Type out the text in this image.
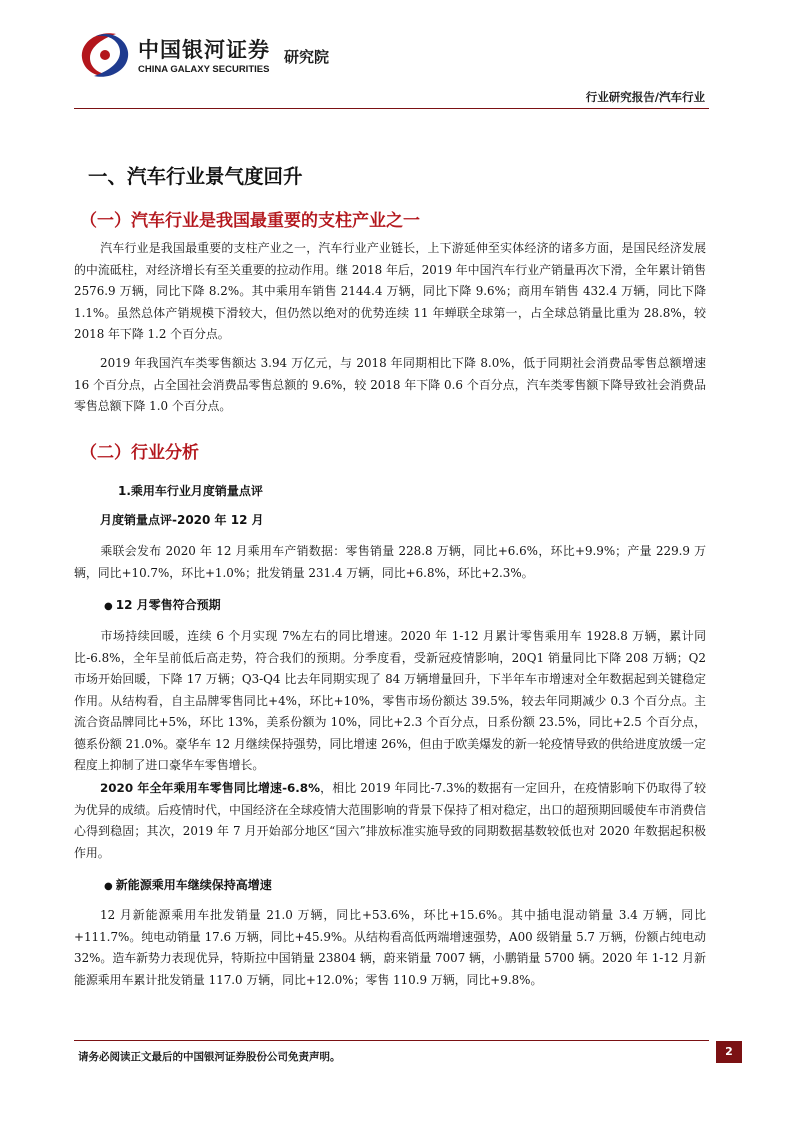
中国银河证券
CHINA GALAXY SECURITIES
研究院
行业研究报告/汽车行业
一、汽车行业景气度回升
（一）汽车行业是我国最重要的支柱产业之一

汽车行业是我国最重要的支柱产业之一，汽车行业产业链长，上下游延伸至实体经济的诸多方面，是国民经济发展的中流砥柱，对经济增长有至关重要的拉动作用。继 2018 年后，2019 年中国汽车行业产销量再次下滑，全年累计销售 2576.9 万辆，同比下降 8.2%。其中乘用车销售 2144.4 万辆，同比下降 9.6%；商用车销售 432.4 万辆，同比下降 1.1%。虽然总体产销规模下滑较大，但仍然以绝对的优势连续 11 年蝉联全球第一，占全球总销量比重为 28.8%，较 2018 年下降 1.2 个百分点。

2019 年我国汽车类零售额达 3.94 万亿元，与 2018 年同期相比下降 8.0%，低于同期社会消费品零售总额增速 16 个百分点，占全国社会消费品零售总额的 9.6%，较 2018 年下降 0.6 个百分点，汽车类零售额下降导致社会消费品零售总额下降 1.0 个百分点。

（二）行业分析
1.乘用车行业月度销量点评
月度销量点评-2020 年 12 月

乘联会发布 2020 年 12 月乘用车产销数据：零售销量 228.8 万辆，同比+6.6%，环比+9.9%；产量 229.9 万辆，同比+10.7%，环比+1.0%；批发销量 231.4 万辆，同比+6.8%，环比+2.3%。

● 12 月零售符合预期

市场持续回暖，连续 6 个月实现 7%左右的同比增速。2020 年 1-12 月累计零售乘用车 1928.8 万辆，累计同比-6.8%，全年呈前低后高走势，符合我们的预期。分季度看，受新冠疫情影响，20Q1 销量同比下降 208 万辆；Q2 市场开始回暖，下降 17 万辆；Q3-Q4 比去年同期实现了 84 万辆增量回升，下半年车市增速对全年数据起到关键稳定作用。从结构看，自主品牌零售同比+4%，环比+10%，零售市场份额达 39.5%，较去年同期减少 0.3 个百分点。主流合资品牌同比+5%，环比 13%，美系份额为 10%，同比+2.3 个百分点，日系份额 23.5%，同比+2.5 个百分点，德系份额 21.0%。豪华车 12 月继续保持强势，同比增速 26%，但由于欧美爆发的新一轮疫情导致的供给进度放缓一定程度上抑制了进口豪华车零售增长。

2020 年全年乘用车零售同比增速-6.8%，相比 2019 年同比-7.3%的数据有一定回升，在疫情影响下仍取得了较为优异的成绩。后疫情时代，中国经济在全球疫情大范围影响的背景下保持了相对稳定，出口的超预期回暖使车市消费信心得到稳固；其次，2019 年 7 月开始部分地区“国六”排放标准实施导致的同期数据基数较低也对 2020 年数据起积极作用。

● 新能源乘用车继续保持高增速

12 月新能源乘用车批发销量 21.0 万辆，同比+53.6%，环比+15.6%。其中插电混动销量 3.4 万辆，同比+111.7%。纯电动销量 17.6 万辆，同比+45.9%。从结构看高低两端增速强势，A00 级销量 5.7 万辆，份额占纯电动 32%。造车新势力表现优异，特斯拉中国销量 23804 辆，蔚来销量 7007 辆，小鹏销量 5700 辆。2020 年 1-12 月新能源乘用车累计批发销量 117.0 万辆，同比+12.0%；零售 110.9 万辆，同比+9.8%。

请务必阅读正文最后的中国银河证券股份公司免责声明。	2
